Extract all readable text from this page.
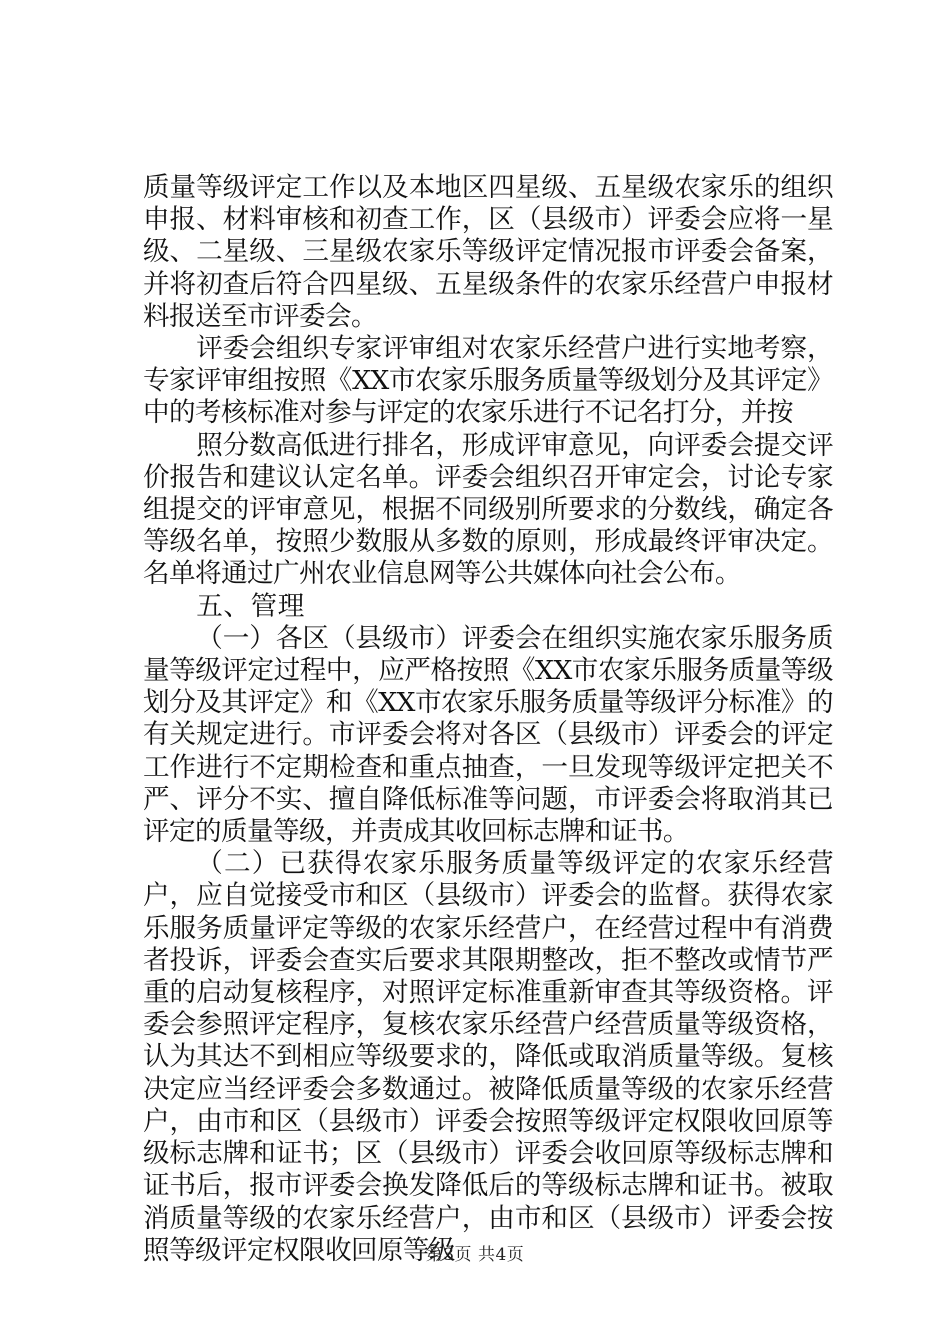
质量等级评定工作以及本地区四星级、五星级农家乐的组织申报、材料审核和初查工作，区（县级市）评委会应将一星级、二星级、三星级农家乐等级评定情况报市评委会备案，并将初查后符合四星级、五星级条件的农家乐经营户申报材料报送至市评委会。

评委会组织专家评审组对农家乐经营户进行实地考察，专家评审组按照《XX市农家乐服务质量等级划分及其评定》中的考核标准对参与评定的农家乐进行不记名打分，并按

照分数高低进行排名，形成评审意见，向评委会提交评价报告和建议认定名单。评委会组织召开审定会，讨论专家组提交的评审意见，根据不同级别所要求的分数线，确定各等级名单，按照少数服从多数的原则，形成最终评审决定。名单将通过广州农业信息网等公共媒体向社会公布。

五、管理

（一）各区（县级市）评委会在组织实施农家乐服务质量等级评定过程中，应严格按照《XX市农家乐服务质量等级划分及其评定》和《XX市农家乐服务质量等级评分标准》的有关规定进行。市评委会将对各区（县级市）评委会的评定工作进行不定期检查和重点抽查，一旦发现等级评定把关不严、评分不实、擅自降低标准等问题，市评委会将取消其已评定的质量等级，并责成其收回标志牌和证书。

（二）已获得农家乐服务质量等级评定的农家乐经营户，应自觉接受市和区（县级市）评委会的监督。获得农家乐服务质量评定等级的农家乐经营户，在经营过程中有消费者投诉，评委会查实后要求其限期整改，拒不整改或情节严重的启动复核程序，对照评定标准重新审查其等级资格。评委会参照评定程序，复核农家乐经营户经营质量等级资格，认为其达不到相应等级要求的，降低或取消质量等级。复核决定应当经评委会多数通过。被降低质量等级的农家乐经营户，由市和区（县级市）评委会按照等级评定权限收回原等级标志牌和证书；区（县级市）评委会收回原等级标志牌和证书后，报市评委会换发降低后的等级标志牌和证书。被取消质量等级的农家乐经营户，由市和区（县级市）评委会按照等级评定权限收回原等级

第3页 共4页
